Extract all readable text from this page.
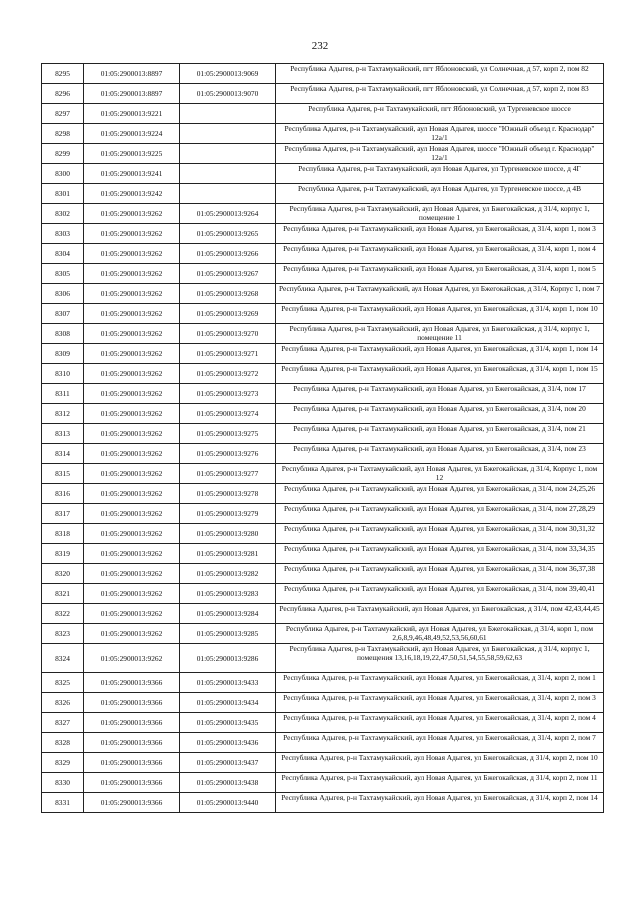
232
8295	01:05:2900013:8897	01:05:2900013:9069	Республика Адыгея, р-н Тахтамукайский, пгт Яблоновский, ул Солнечная, д 57, корп 2, пом 82
8296	01:05:2900013:8897	01:05:2900013:9070	Республика Адыгея, р-н Тахтамукайский, пгт Яблоновский, ул Солнечная, д 57, корп 2, пом 83
8297	01:05:2900013:9221		Республика Адыгея, р-н Тахтамукайский, пгт Яблоновский, ул Тургеневское шоссе
8298	01:05:2900013:9224		Республика Адыгея, р-н Тахтамукайский, аул Новая Адыгея, шоссе "Южный объезд г. Краснодар" 12а/1
8299	01:05:2900013:9225		Республика Адыгея, р-н Тахтамукайский, аул Новая Адыгея, шоссе "Южный объезд г. Краснодар" 12а/1
8300	01:05:2900013:9241		Республика Адыгея, р-н Тахтамукайский, аул Новая Адыгея, ул Тургеневское шоссе, д 4Г
8301	01:05:2900013:9242		Республика Адыгея, р-н Тахтамукайский, аул Новая Адыгея, ул Тургеневское шоссе, д 4В
8302	01:05:2900013:9262	01:05:2900013:9264	Республика Адыгея, р-н Тахтамукайский, аул Новая Адыгея, ул Бжегокайская, д 31/4, корпус 1, помещение 1
8303	01:05:2900013:9262	01:05:2900013:9265	Республика Адыгея, р-н Тахтамукайский, аул Новая Адыгея, ул Бжегокайская, д 31/4, корп 1, пом 3
8304	01:05:2900013:9262	01:05:2900013:9266	Республика Адыгея, р-н Тахтамукайский, аул Новая Адыгея, ул Бжегокайская, д 31/4, корп 1, пом 4
8305	01:05:2900013:9262	01:05:2900013:9267	Республика Адыгея, р-н Тахтамукайский, аул Новая Адыгея, ул Бжегокайская, д 31/4, корп 1, пом 5
8306	01:05:2900013:9262	01:05:2900013:9268	Республика Адыгея, р-н Тахтамукайский, аул Новая Адыгея, ул Бжегокайская, д 31/4, Корпус 1, пом 7
8307	01:05:2900013:9262	01:05:2900013:9269	Республика Адыгея, р-н Тахтамукайский, аул Новая Адыгея, ул Бжегокайская, д 31/4, корп 1, пом 10
8308	01:05:2900013:9262	01:05:2900013:9270	Республика Адыгея, р-н Тахтамукайский, аул Новая Адыгея, ул Бжегокайская, д 31/4, корпус 1, помещение 11
8309	01:05:2900013:9262	01:05:2900013:9271	Республика Адыгея, р-н Тахтамукайский, аул Новая Адыгея, ул Бжегокайская, д 31/4, корп 1, пом 14
8310	01:05:2900013:9262	01:05:2900013:9272	Республика Адыгея, р-н Тахтамукайский, аул Новая Адыгея, ул Бжегокайская, д 31/4, корп 1, пом 15
8311	01:05:2900013:9262	01:05:2900013:9273	Республика Адыгея, р-н Тахтамукайский, аул Новая Адыгея, ул Бжегокайская, д 31/4, пом 17
8312	01:05:2900013:9262	01:05:2900013:9274	Республика Адыгея, р-н Тахтамукайский, аул Новая Адыгея, ул Бжегокайская, д 31/4, пом 20
8313	01:05:2900013:9262	01:05:2900013:9275	Республика Адыгея, р-н Тахтамукайский, аул Новая Адыгея, ул Бжегокайская, д 31/4, пом 21
8314	01:05:2900013:9262	01:05:2900013:9276	Республика Адыгея, р-н Тахтамукайский, аул Новая Адыгея, ул Бжегокайская, д 31/4, пом 23
8315	01:05:2900013:9262	01:05:2900013:9277	Республика Адыгея, р-н Тахтамукайский, аул Новая Адыгея, ул Бжегокайская, д 31/4, Корпус 1, пом 12
8316	01:05:2900013:9262	01:05:2900013:9278	Республика Адыгея, р-н Тахтамукайский, аул Новая Адыгея, ул Бжегокайская, д 31/4, пом 24,25,26
8317	01:05:2900013:9262	01:05:2900013:9279	Республика Адыгея, р-н Тахтамукайский, аул Новая Адыгея, ул Бжегокайская, д 31/4, пом 27,28,29
8318	01:05:2900013:9262	01:05:2900013:9280	Республика Адыгея, р-н Тахтамукайский, аул Новая Адыгея, ул Бжегокайская, д 31/4, пом 30,31,32
8319	01:05:2900013:9262	01:05:2900013:9281	Республика Адыгея, р-н Тахтамукайский, аул Новая Адыгея, ул Бжегокайская, д 31/4, пом 33,34,35
8320	01:05:2900013:9262	01:05:2900013:9282	Республика Адыгея, р-н Тахтамукайский, аул Новая Адыгея, ул Бжегокайская, д 31/4, пом 36,37,38
8321	01:05:2900013:9262	01:05:2900013:9283	Республика Адыгея, р-н Тахтамукайский, аул Новая Адыгея, ул Бжегокайская, д 31/4, пом 39,40,41
8322	01:05:2900013:9262	01:05:2900013:9284	Республика Адыгея, р-н Тахтамукайский, аул Новая Адыгея, ул Бжегокайская, д 31/4, пом 42,43,44,45
8323	01:05:2900013:9262	01:05:2900013:9285	Республика Адыгея, р-н Тахтамукайский, аул Новая Адыгея, ул Бжегокайская, д 31/4, корп 1, пом 2,6,8,9,46,48,49,52,53,56,60,61
8324	01:05:2900013:9262	01:05:2900013:9286	Республика Адыгея, р-н Тахтамукайский, аул Новая Адыгея, ул Бжегокайская, д 31/4, корпус 1, помещения 13,16,18,19,22,47,50,51,54,55,58,59,62,63
8325	01:05:2900013:9366	01:05:2900013:9433	Республика Адыгея, р-н Тахтамукайский, аул Новая Адыгея, ул Бжегокайская, д 31/4, корп 2, пом 1
8326	01:05:2900013:9366	01:05:2900013:9434	Республика Адыгея, р-н Тахтамукайский, аул Новая Адыгея, ул Бжегокайская, д 31/4, корп 2, пом 3
8327	01:05:2900013:9366	01:05:2900013:9435	Республика Адыгея, р-н Тахтамукайский, аул Новая Адыгея, ул Бжегокайская, д 31/4, корп 2, пом 4
8328	01:05:2900013:9366	01:05:2900013:9436	Республика Адыгея, р-н Тахтамукайский, аул Новая Адыгея, ул Бжегокайская, д 31/4, корп 2, пом 7
8329	01:05:2900013:9366	01:05:2900013:9437	Республика Адыгея, р-н Тахтамукайский, аул Новая Адыгея, ул Бжегокайская, д 31/4, корп 2, пом 10
8330	01:05:2900013:9366	01:05:2900013:9438	Республика Адыгея, р-н Тахтамукайский, аул Новая Адыгея, ул Бжегокайская, д 31/4, корп 2, пом 11
8331	01:05:2900013:9366	01:05:2900013:9440	Республика Адыгея, р-н Тахтамукайский, аул Новая Адыгея, ул Бжегокайская, д 31/4, корп 2, пом 14
